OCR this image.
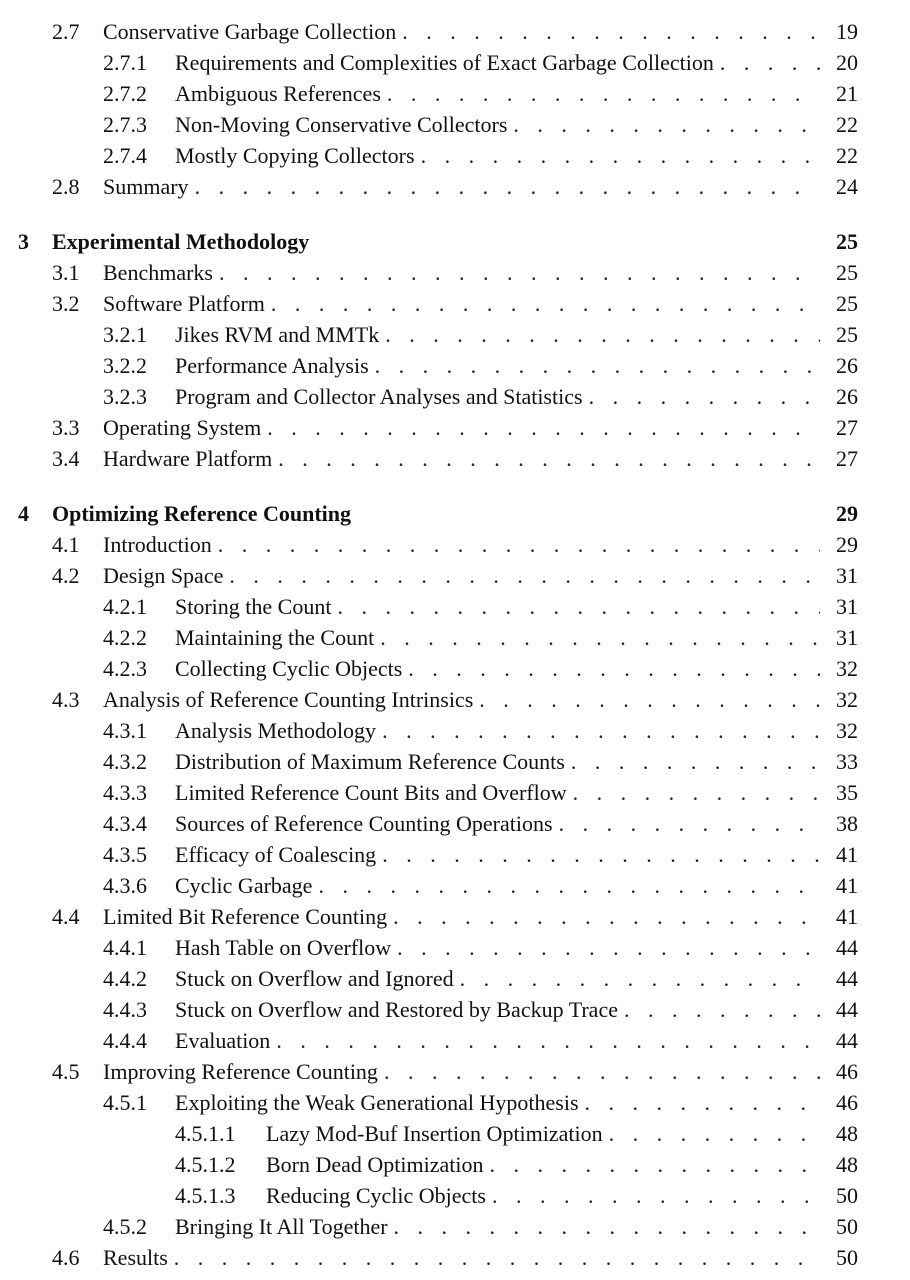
2.7 Conservative Garbage Collection . . .	19
2.7.1 Requirements and Complexities of Exact Garbage Collection . . .	20
2.7.2 Ambiguous References . . .	21
2.7.3 Non-Moving Conservative Collectors . . .	22
2.7.4 Mostly Copying Collectors . . .	22
2.8 Summary . . .	24
3 Experimental Methodology	25
3.1 Benchmarks . . .	25
3.2 Software Platform . . .	25
3.2.1 Jikes RVM and MMTk . . .	25
3.2.2 Performance Analysis . . .	26
3.2.3 Program and Collector Analyses and Statistics . . .	26
3.3 Operating System . . .	27
3.4 Hardware Platform . . .	27
4 Optimizing Reference Counting	29
4.1 Introduction . . .	29
4.2 Design Space . . .	31
4.2.1 Storing the Count . . .	31
4.2.2 Maintaining the Count . . .	31
4.2.3 Collecting Cyclic Objects . . .	32
4.3 Analysis of Reference Counting Intrinsics . . .	32
4.3.1 Analysis Methodology . . .	32
4.3.2 Distribution of Maximum Reference Counts . . .	33
4.3.3 Limited Reference Count Bits and Overflow . . .	35
4.3.4 Sources of Reference Counting Operations . . .	38
4.3.5 Efficacy of Coalescing . . .	41
4.3.6 Cyclic Garbage . . .	41
4.4 Limited Bit Reference Counting . . .	41
4.4.1 Hash Table on Overflow . . .	44
4.4.2 Stuck on Overflow and Ignored . . .	44
4.4.3 Stuck on Overflow and Restored by Backup Trace . . .	44
4.4.4 Evaluation . . .	44
4.5 Improving Reference Counting . . .	46
4.5.1 Exploiting the Weak Generational Hypothesis . . .	46
4.5.1.1 Lazy Mod-Buf Insertion Optimization . . .	48
4.5.1.2 Born Dead Optimization . . .	48
4.5.1.3 Reducing Cyclic Objects . . .	50
4.5.2 Bringing It All Together . . .	50
4.6 Results . . .	50
